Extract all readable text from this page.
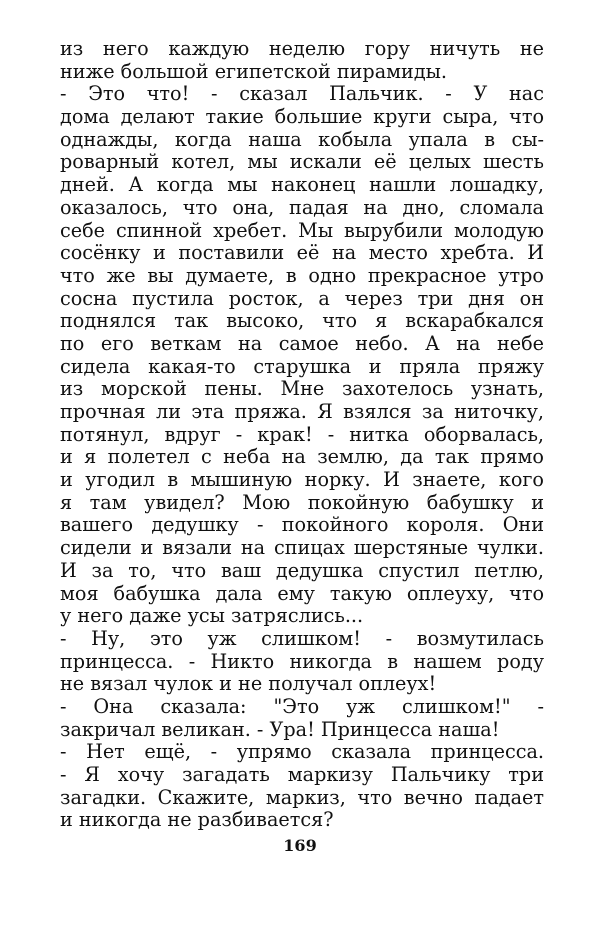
из него каждую неделю гору ничуть не
ниже большой египетской пирамиды.
- Это что! - сказал Пальчик. - У нас
дома делают такие большие круги сыра, что
однажды, когда наша кобыла упала в сы-
роварный котел, мы искали её целых шесть
дней. А когда мы наконец нашли лошадку,
оказалось, что она, падая на дно, сломала
себе спинной хребет. Мы вырубили молодую
сосёнку и поставили её на место хребта. И
что же вы думаете, в одно прекрасное утро
сосна пустила росток, а через три дня он
поднялся так высоко, что я вскарабкался
по его веткам на самое небо. А на небе
сидела какая-то старушка и пряла пряжу
из морской пены. Мне захотелось узнать,
прочная ли эта пряжа. Я взялся за ниточку,
потянул, вдруг - крак! - нитка оборвалась,
и я полетел с неба на землю, да так прямо
и угодил в мышиную норку. И знаете, кого
я там увидел? Мою покойную бабушку и
вашего дедушку - покойного короля. Они
сидели и вязали на спицах шерстяные чулки.
И за то, что ваш дедушка спустил петлю,
моя бабушка дала ему такую оплеуху, что
у него даже усы затряслись...
- Ну, это уж слишком! - возмутилась
принцесса. - Никто никогда в нашем роду
не вязал чулок и не получал оплеух!
- Она сказала: "Это уж слишком!" -
закричал великан. - Ура! Принцесса наша!
- Нет ещё, - упрямо сказала принцесса.
- Я хочу загадать маркизу Пальчику три
загадки. Скажите, маркиз, что вечно падает
и никогда не разбивается?
169
